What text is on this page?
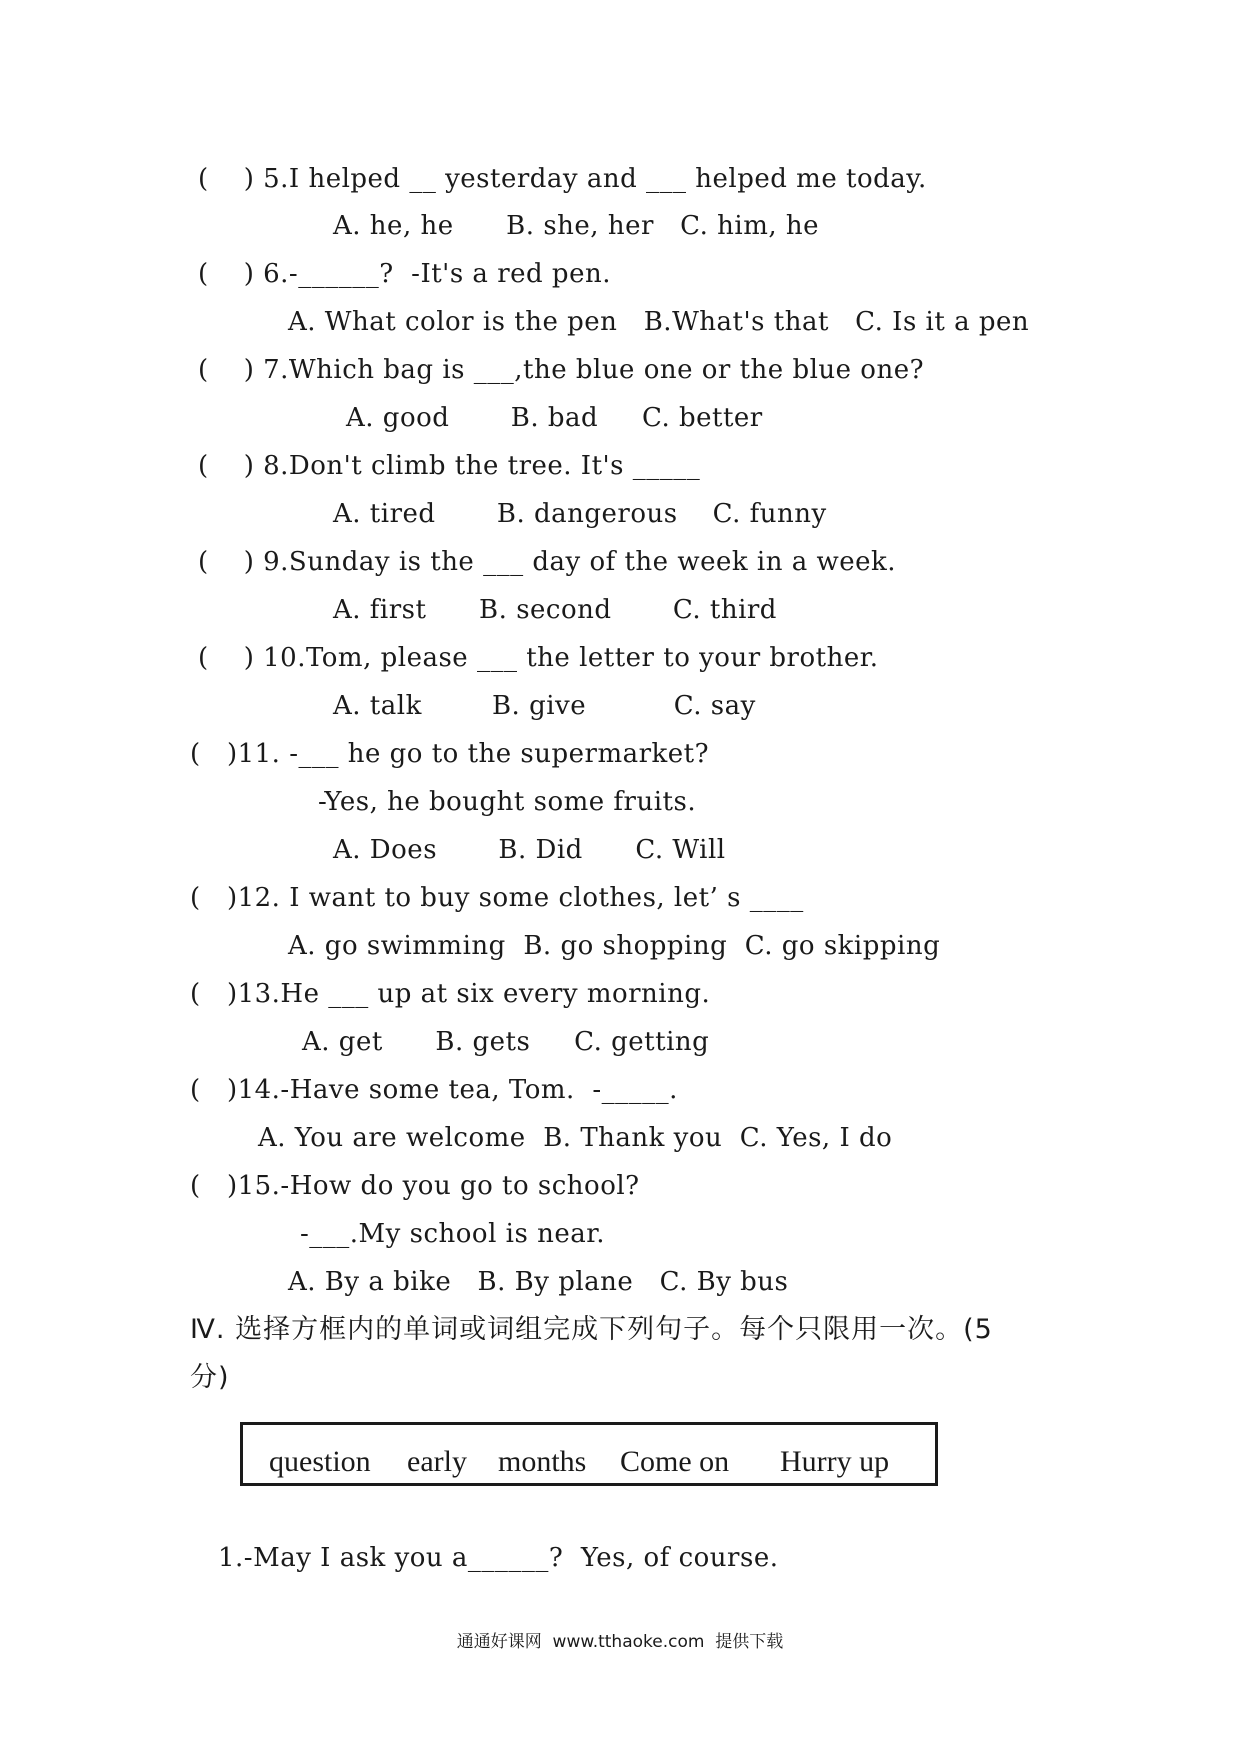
(    ) 5.I helped __ yesterday and ___ helped me today.
A. he, he      B. she, her   C. him, he
(    ) 6.-______?  -It's a red pen.
A. What color is the pen   B.What's that   C. Is it a pen
(    ) 7.Which bag is ___,the blue one or the blue one?
A. good       B. bad     C. better
(    ) 8.Don't climb the tree. It's _____
A. tired       B. dangerous    C. funny
(    ) 9.Sunday is the ___ day of the week in a week.
A. first      B. second       C. third
(    ) 10.Tom, please ___ the letter to your brother.
A. talk        B. give          C. say
(   )11. -___ he go to the supermarket?
-Yes, he bought some fruits.
A. Does       B. Did      C. Will
(   )12. I want to buy some clothes, let’ s ____
A. go swimming  B. go shopping  C. go skipping
(   )13.He ___ up at six every morning.
A. get      B. gets     C. getting
(   )14.-Have some tea, Tom.  -_____.
A. You are welcome  B. Thank you  C. Yes, I do
(   )15.-How do you go to school?
-___.My school is near.
A. By a bike   B. By plane   C. By bus
Ⅳ. 选择方框内的单词或词组完成下列句子。每个只限用一次。(5
分)
question early months Come on Hurry up
1.-May I ask you a______?  Yes, of course.
通通好课网  www.tthaoke.com  提供下载
